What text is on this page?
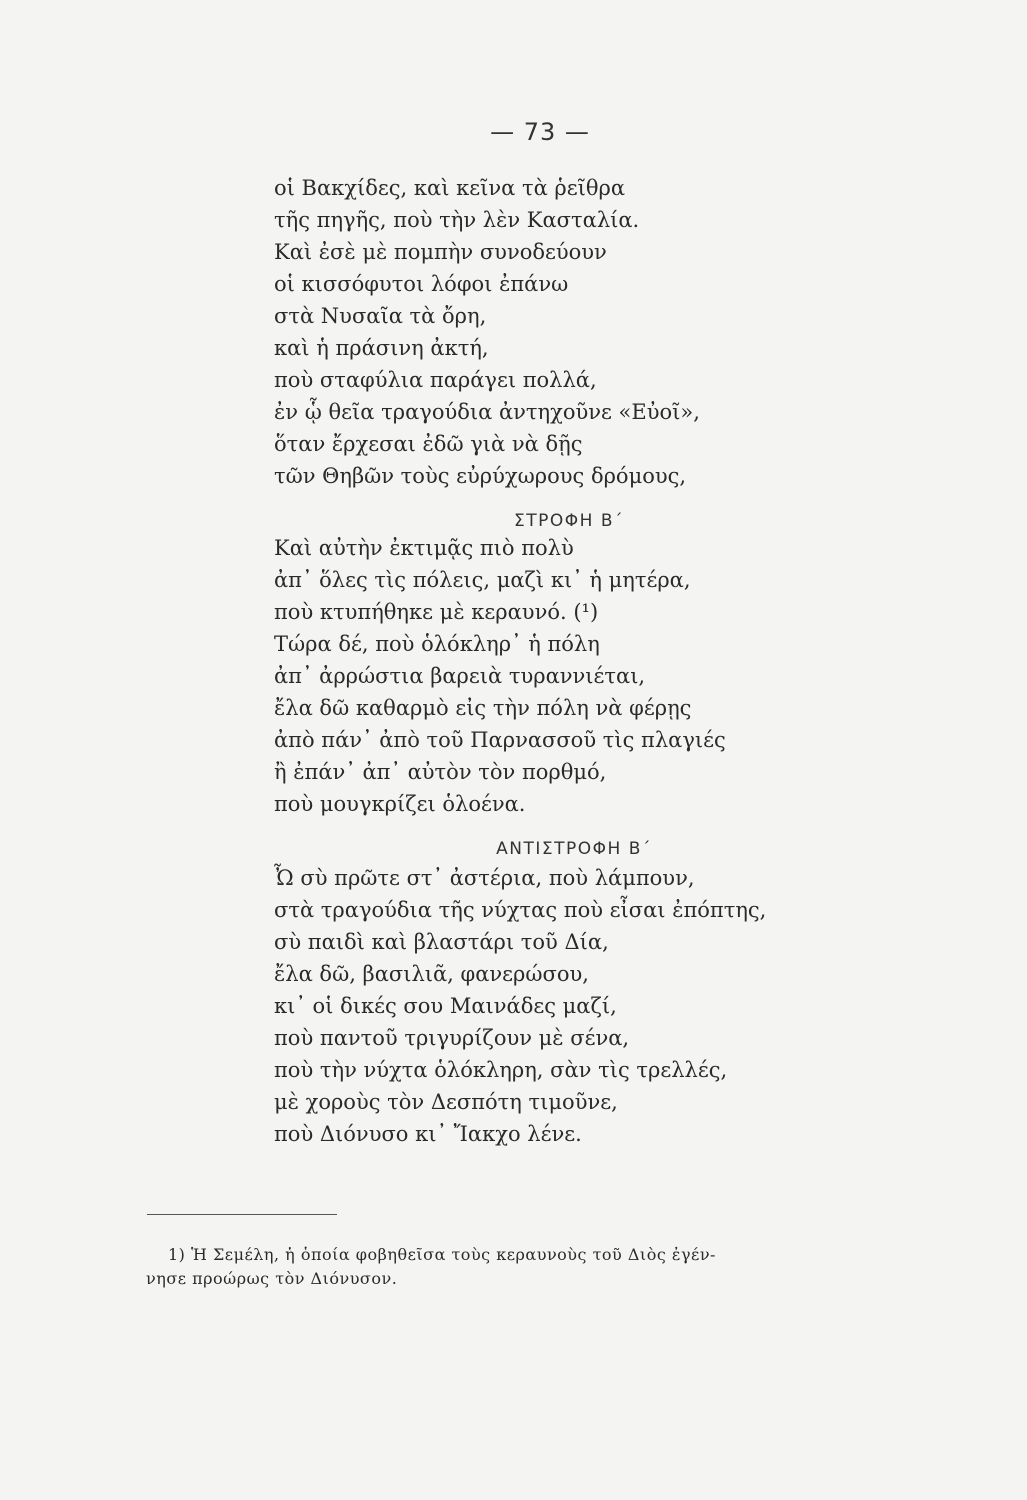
— 73 —
οἱ Βακχίδες, καὶ κεῖνα τὰ ῥεῖθρα
τῆς πηγῆς, ποὺ τὴν λὲν Κασταλία.
Καὶ ἐσὲ μὲ πομπὴν συνοδεύουν
οἱ κισσόφυτοι λόφοι ἐπάνω
στὰ Νυσαῖα τὰ ὄρη,
καὶ ἡ πράσινη ἀκτή,
ποὺ σταφύλια παράγει πολλά,
ἐν ᾧ θεῖα τραγούδια ἀντηχοῦνε «Εὐοῖ»,
ὅταν ἔρχεσαι ἐδῶ γιὰ νὰ δῇς
τῶν Θηβῶν τοὺς εὐρύχωρους δρόμους,
ΣΤΡΟΦΗ Β΄
Καὶ αὐτὴν ἐκτιμᾷς πιὸ πολὺ
ἀπ᾽ ὅλες τὶς πόλεις, μαζὶ κι᾽ ἡ μητέρα,
ποὺ κτυπήθηκε μὲ κεραυνό. (¹)
Τώρα δέ, ποὺ ὁλόκληρ᾽ ἡ πόλη
ἀπ᾽ ἀρρώστια βαρειὰ τυραννιέται,
ἔλα δῶ καθαρμὸ εἰς τὴν πόλη νὰ φέρῃς
ἀπὸ πάν᾽ ἀπὸ τοῦ Παρνασσοῦ τὶς πλαγιές
ἢ ἐπάν᾽ ἀπ᾽ αὐτὸν τὸν πορθμό,
ποὺ μουγκρίζει ὁλοένα.
ΑΝΤΙΣΤΡΟΦΗ Β΄
Ὦ σὺ πρῶτε στ᾽ ἀστέρια, ποὺ λάμπουν,
στὰ τραγούδια τῆς νύχτας ποὺ εἶσαι ἐπόπτης,
σὺ παιδὶ καὶ βλαστάρι τοῦ Δία,
ἔλα δῶ, βασιλιᾶ, φανερώσου,
κι᾽ οἱ δικές σου Μαινάδες μαζί,
ποὺ παντοῦ τριγυρίζουν μὲ σένα,
ποὺ τὴν νύχτα ὁλόκληρη, σὰν τὶς τρελλές,
μὲ χοροὺς τὸν Δεσπότη τιμοῦνε,
ποὺ Διόνυσο κι᾽ Ἴακχο λένε.
1) Ἡ Σεμέλη, ἡ ὁποία φοβηθεῖσα τοὺς κεραυνοὺς τοῦ Διὸς ἐγέν-
νησε προώρως τὸν Διόνυσον.
